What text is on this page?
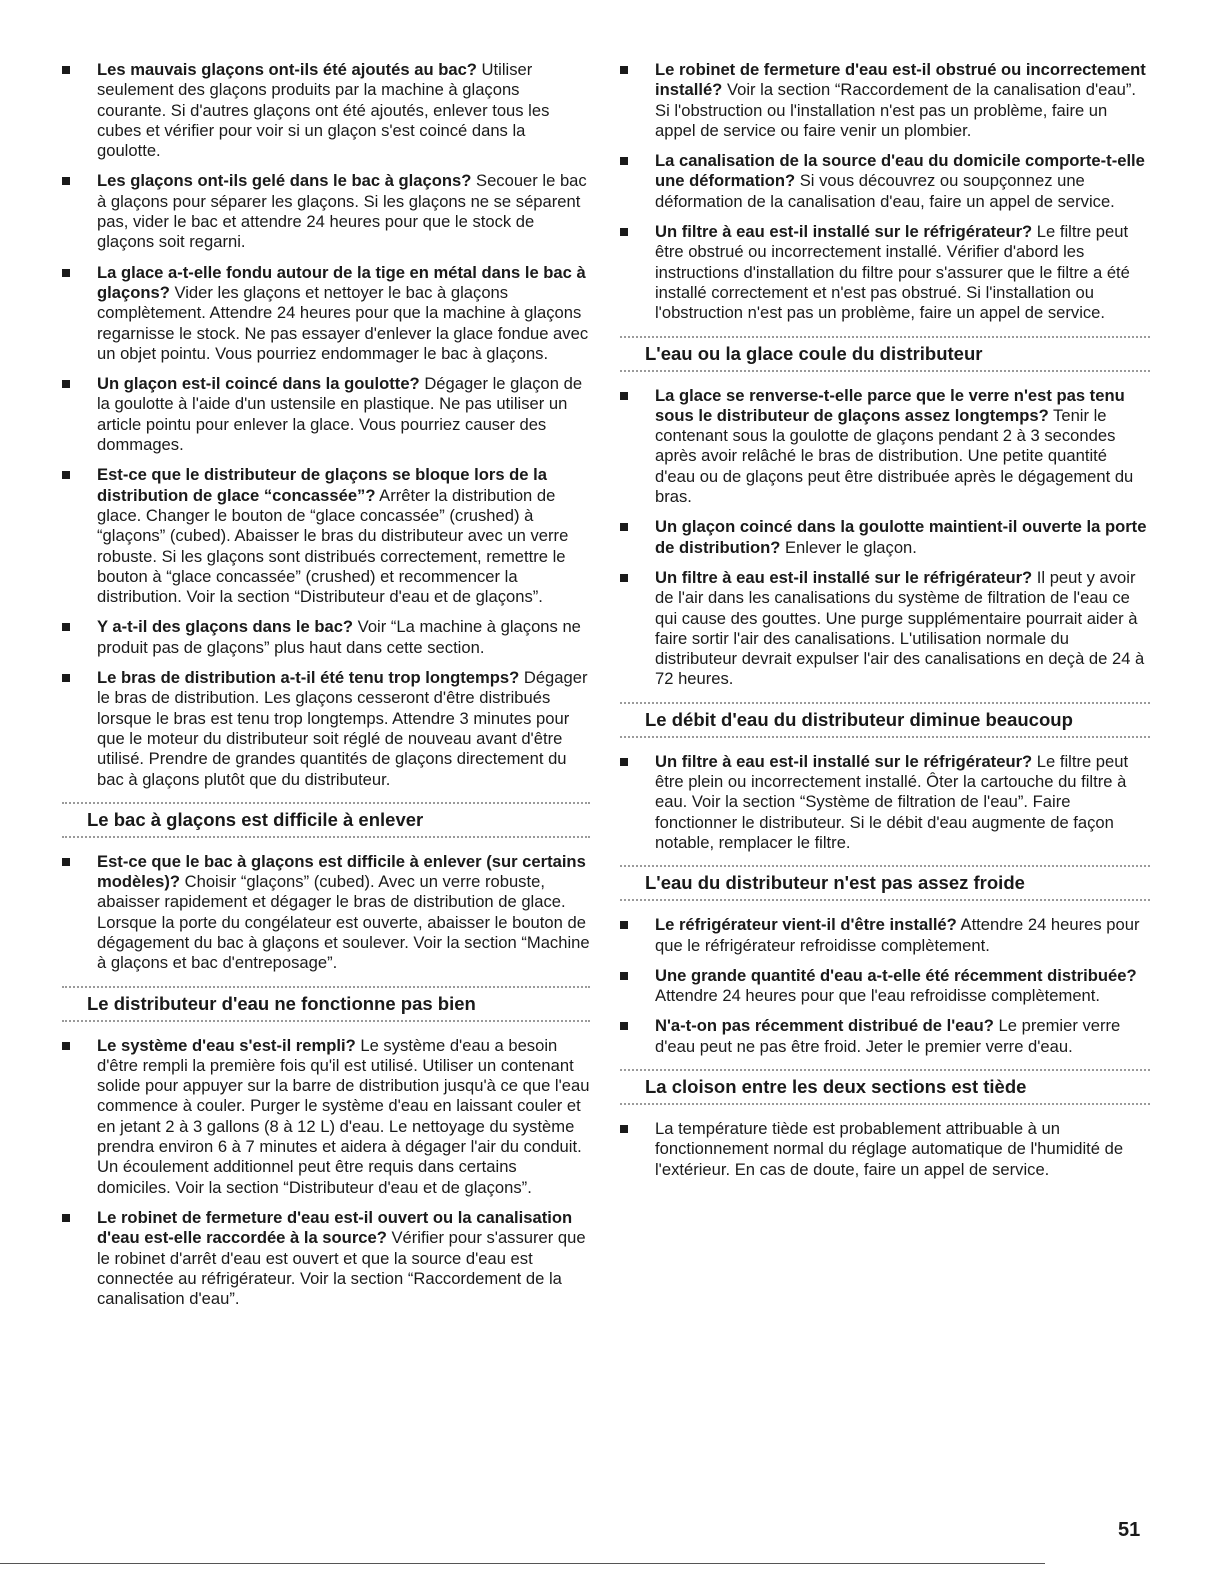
Les mauvais glaçons ont-ils été ajoutés au bac? Utiliser seulement des glaçons produits par la machine à glaçons courante. Si d'autres glaçons ont été ajoutés, enlever tous les cubes et vérifier pour voir si un glaçon s'est coincé dans la goulotte.
Les glaçons ont-ils gelé dans le bac à glaçons? Secouer le bac à glaçons pour séparer les glaçons. Si les glaçons ne se séparent pas, vider le bac et attendre 24 heures pour que le stock de glaçons soit regarni.
La glace a-t-elle fondu autour de la tige en métal dans le bac à glaçons? Vider les glaçons et nettoyer le bac à glaçons complètement. Attendre 24 heures pour que la machine à glaçons regarnisse le stock. Ne pas essayer d'enlever la glace fondue avec un objet pointu. Vous pourriez endommager le bac à glaçons.
Un glaçon est-il coincé dans la goulotte? Dégager le glaçon de la goulotte à l'aide d'un ustensile en plastique. Ne pas utiliser un article pointu pour enlever la glace. Vous pourriez causer des dommages.
Est-ce que le distributeur de glaçons se bloque lors de la distribution de glace “concassée”? Arrêter la distribution de glace. Changer le bouton de “glace concassée” (crushed) à “glaçons” (cubed). Abaisser le bras du distributeur avec un verre robuste. Si les glaçons sont distribués correctement, remettre le bouton à “glace concassée” (crushed) et recommencer la distribution. Voir la section “Distributeur d'eau et de glaçons”.
Y a-t-il des glaçons dans le bac? Voir “La machine à glaçons ne produit pas de glaçons” plus haut dans cette section.
Le bras de distribution a-t-il été tenu trop longtemps? Dégager le bras de distribution. Les glaçons cesseront d'être distribués lorsque le bras est tenu trop longtemps. Attendre 3 minutes pour que le moteur du distributeur soit réglé de nouveau avant d'être utilisé. Prendre de grandes quantités de glaçons directement du bac à glaçons plutôt que du distributeur.
Le bac à glaçons est difficile à enlever
Est-ce que le bac à glaçons est difficile à enlever (sur certains modèles)? Choisir “glaçons” (cubed). Avec un verre robuste, abaisser rapidement et dégager le bras de distribution de glace. Lorsque la porte du congélateur est ouverte, abaisser le bouton de dégagement du bac à glaçons et soulever. Voir la section “Machine à glaçons et bac d'entreposage”.
Le distributeur d'eau ne fonctionne pas bien
Le système d'eau s'est-il rempli? Le système d'eau a besoin d'être rempli la première fois qu'il est utilisé. Utiliser un contenant solide pour appuyer sur la barre de distribution jusqu'à ce que l'eau commence à couler. Purger le système d'eau en laissant couler et en jetant 2 à 3 gallons (8 à 12 L) d'eau. Le nettoyage du système prendra environ 6 à 7 minutes et aidera à dégager l'air du conduit. Un écoulement additionnel peut être requis dans certains domiciles. Voir la section “Distributeur d'eau et de glaçons”.
Le robinet de fermeture d'eau est-il ouvert ou la canalisation d'eau est-elle raccordée à la source? Vérifier pour s'assurer que le robinet d'arrêt d'eau est ouvert et que la source d'eau est connectée au réfrigérateur. Voir la section “Raccordement de la canalisation d'eau”.
Le robinet de fermeture d'eau est-il obstrué ou incorrectement installé? Voir la section “Raccordement de la canalisation d'eau”. Si l'obstruction ou l'installation n'est pas un problème, faire un appel de service ou faire venir un plombier.
La canalisation de la source d'eau du domicile comporte-t-elle une déformation? Si vous découvrez ou soupçonnez une déformation de la canalisation d'eau, faire un appel de service.
Un filtre à eau est-il installé sur le réfrigérateur? Le filtre peut être obstrué ou incorrectement installé. Vérifier d'abord les instructions d'installation du filtre pour s'assurer que le filtre a été installé correctement et n'est pas obstrué. Si l'installation ou l'obstruction n'est pas un problème, faire un appel de service.
L'eau ou la glace coule du distributeur
La glace se renverse-t-elle parce que le verre n'est pas tenu sous le distributeur de glaçons assez longtemps? Tenir le contenant sous la goulotte de glaçons pendant 2 à 3 secondes après avoir relâché le bras de distribution. Une petite quantité d'eau ou de glaçons peut être distribuée après le dégagement du bras.
Un glaçon coincé dans la goulotte maintient-il ouverte la porte de distribution? Enlever le glaçon.
Un filtre à eau est-il installé sur le réfrigérateur? Il peut y avoir de l'air dans les canalisations du système de filtration de l'eau ce qui cause des gouttes. Une purge supplémentaire pourrait aider à faire sortir l'air des canalisations. L'utilisation normale du distributeur devrait expulser l'air des canalisations en deçà de 24 à 72 heures.
Le débit d'eau du distributeur diminue beaucoup
Un filtre à eau est-il installé sur le réfrigérateur? Le filtre peut être plein ou incorrectement installé. Ôter la cartouche du filtre à eau. Voir la section “Système de filtration de l'eau”. Faire fonctionner le distributeur. Si le débit d'eau augmente de façon notable, remplacer le filtre.
L'eau du distributeur n'est pas assez froide
Le réfrigérateur vient-il d'être installé? Attendre 24 heures pour que le réfrigérateur refroidisse complètement.
Une grande quantité d'eau a-t-elle été récemment distribuée? Attendre 24 heures pour que l'eau refroidisse complètement.
N'a-t-on pas récemment distribué de l'eau? Le premier verre d'eau peut ne pas être froid. Jeter le premier verre d'eau.
La cloison entre les deux sections est tiède
La température tiède est probablement attribuable à un fonctionnement normal du réglage automatique de l'humidité de l'extérieur. En cas de doute, faire un appel de service.
51
